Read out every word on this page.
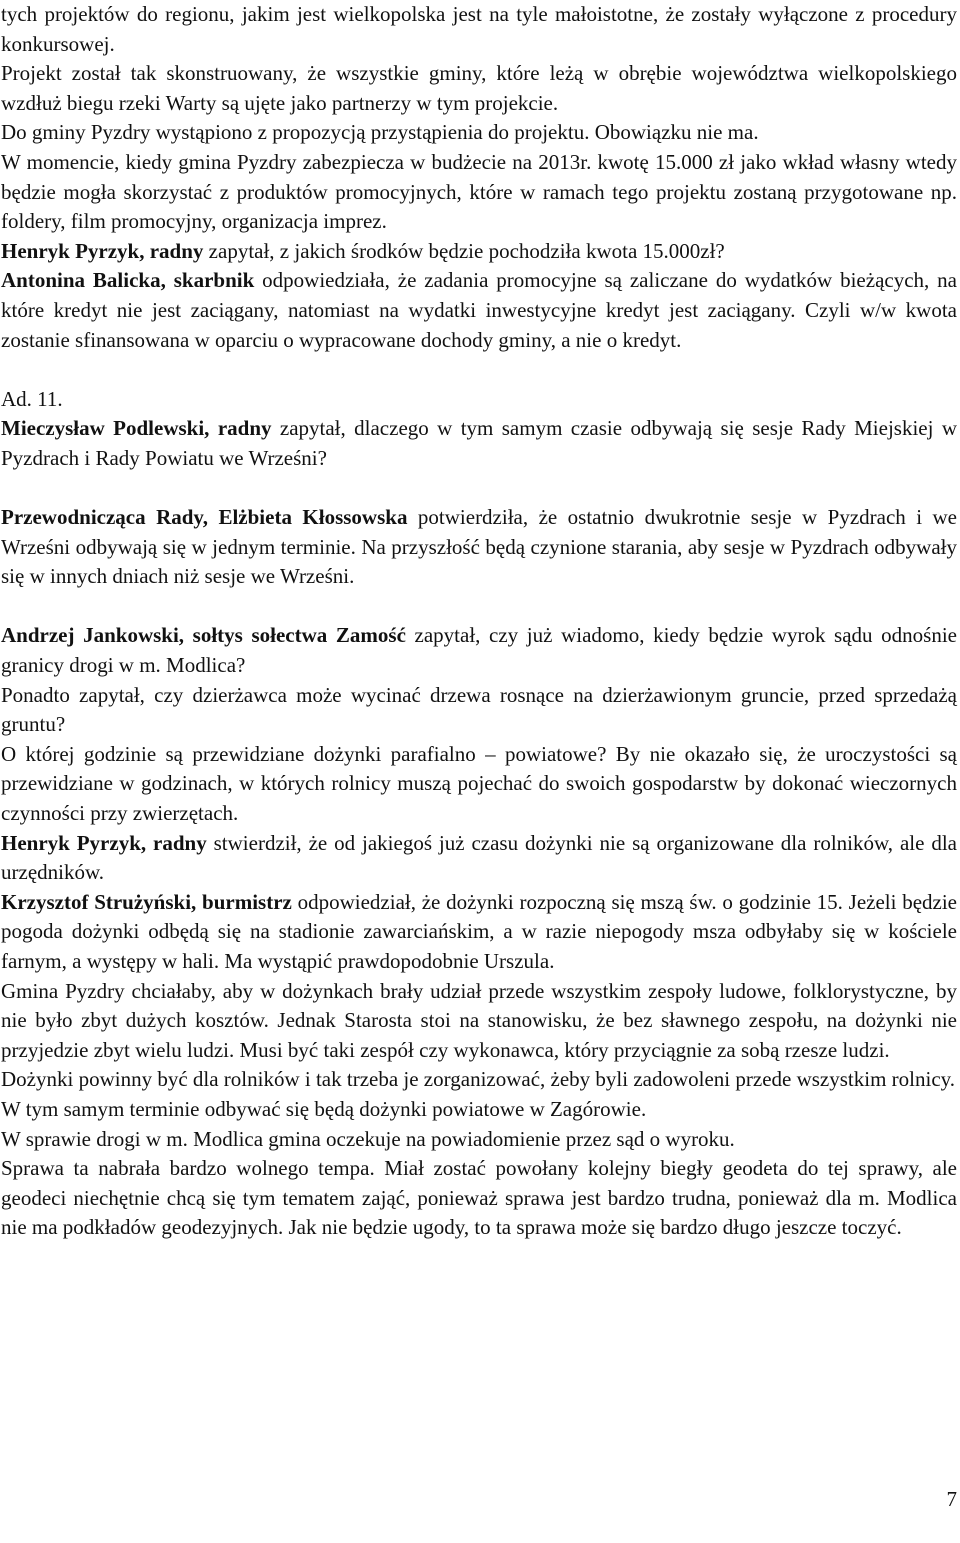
tych projektów do regionu, jakim jest wielkopolska jest na tyle małoistotne, że zostały wyłączone z procedury konkursowej.

Projekt został tak skonstruowany, że wszystkie gminy, które leżą w obrębie województwa wielkopolskiego wzdłuż biegu rzeki Warty są ujęte jako partnerzy w tym projekcie.

Do gminy Pyzdry wystąpiono z propozycją przystąpienia do projektu. Obowiązku nie ma.

W momencie, kiedy gmina Pyzdry zabezpiecza w budżecie na 2013r. kwotę 15.000 zł jako wkład własny wtedy będzie mogła skorzystać z produktów promocyjnych, które w ramach tego projektu zostaną przygotowane np. foldery, film promocyjny, organizacja imprez.

Henryk Pyrzyk, radny zapytał, z jakich środków będzie pochodziła kwota 15.000zł?

Antonina Balicka, skarbnik odpowiedziała, że zadania promocyjne są zaliczane do wydatków bieżących, na które kredyt nie jest zaciągany, natomiast na wydatki inwestycyjne kredyt jest zaciągany. Czyli w/w kwota zostanie sfinansowana w oparciu o wypracowane dochody gminy, a nie o kredyt.

Ad. 11.

Mieczysław Podlewski, radny zapytał, dlaczego w tym samym czasie odbywają się sesje Rady Miejskiej w Pyzdrach i Rady Powiatu we Wrześni?

Przewodnicząca Rady, Elżbieta Kłossowska potwierdziła, że ostatnio dwukrotnie sesje w Pyzdrach i we Wrześni odbywają się w jednym terminie. Na przyszłość będą czynione starania, aby sesje w Pyzdrach odbywały się w innych dniach niż sesje we Wrześni.

Andrzej Jankowski, sołtys sołectwa Zamość zapytał, czy już wiadomo, kiedy będzie wyrok sądu odnośnie granicy drogi w m. Modlica?

Ponadto zapytał, czy dzierżawca może wycinać drzewa rosnące na dzierżawionym gruncie, przed sprzedażą gruntu?

O której godzinie są przewidziane dożynki parafialno – powiatowe? By nie okazało się, że uroczystości są przewidziane w godzinach, w których rolnicy muszą pojechać do swoich gospodarstw by dokonać wieczornych czynności przy zwierzętach.

Henryk Pyrzyk, radny stwierdził, że od jakiegoś już czasu dożynki nie są organizowane dla rolników, ale dla urzędników.

Krzysztof Strużyński, burmistrz odpowiedział, że dożynki rozpoczną się mszą św. o godzinie 15. Jeżeli będzie pogoda dożynki odbędą się na stadionie zawarciańskim, a w razie niepogody msza odbyłaby się w kościele farnym, a występy w hali. Ma wystąpić prawdopodobnie Urszula.

Gmina Pyzdry chciałaby, aby w dożynkach brały udział przede wszystkim zespoły ludowe, folklorystyczne, by nie było zbyt dużych kosztów. Jednak Starosta stoi na stanowisku, że bez sławnego zespołu, na dożynki nie przyjedzie zbyt wielu ludzi. Musi być taki zespół czy wykonawca, który przyciągnie za sobą rzesze ludzi.

Dożynki powinny być dla rolników i tak trzeba je zorganizować, żeby byli zadowoleni przede wszystkim rolnicy.

W tym samym terminie odbywać się będą dożynki powiatowe w Zagórowie.

W sprawie drogi w m. Modlica gmina oczekuje na powiadomienie przez sąd o wyroku.

Sprawa ta nabrała bardzo wolnego tempa. Miał zostać powołany kolejny biegły geodeta do tej sprawy, ale geodeci niechętnie chcą się tym tematem zająć, ponieważ sprawa jest bardzo trudna, ponieważ dla m. Modlica nie ma podkładów geodezyjnych. Jak nie będzie ugody, to ta sprawa może się bardzo długo jeszcze toczyć.

7
